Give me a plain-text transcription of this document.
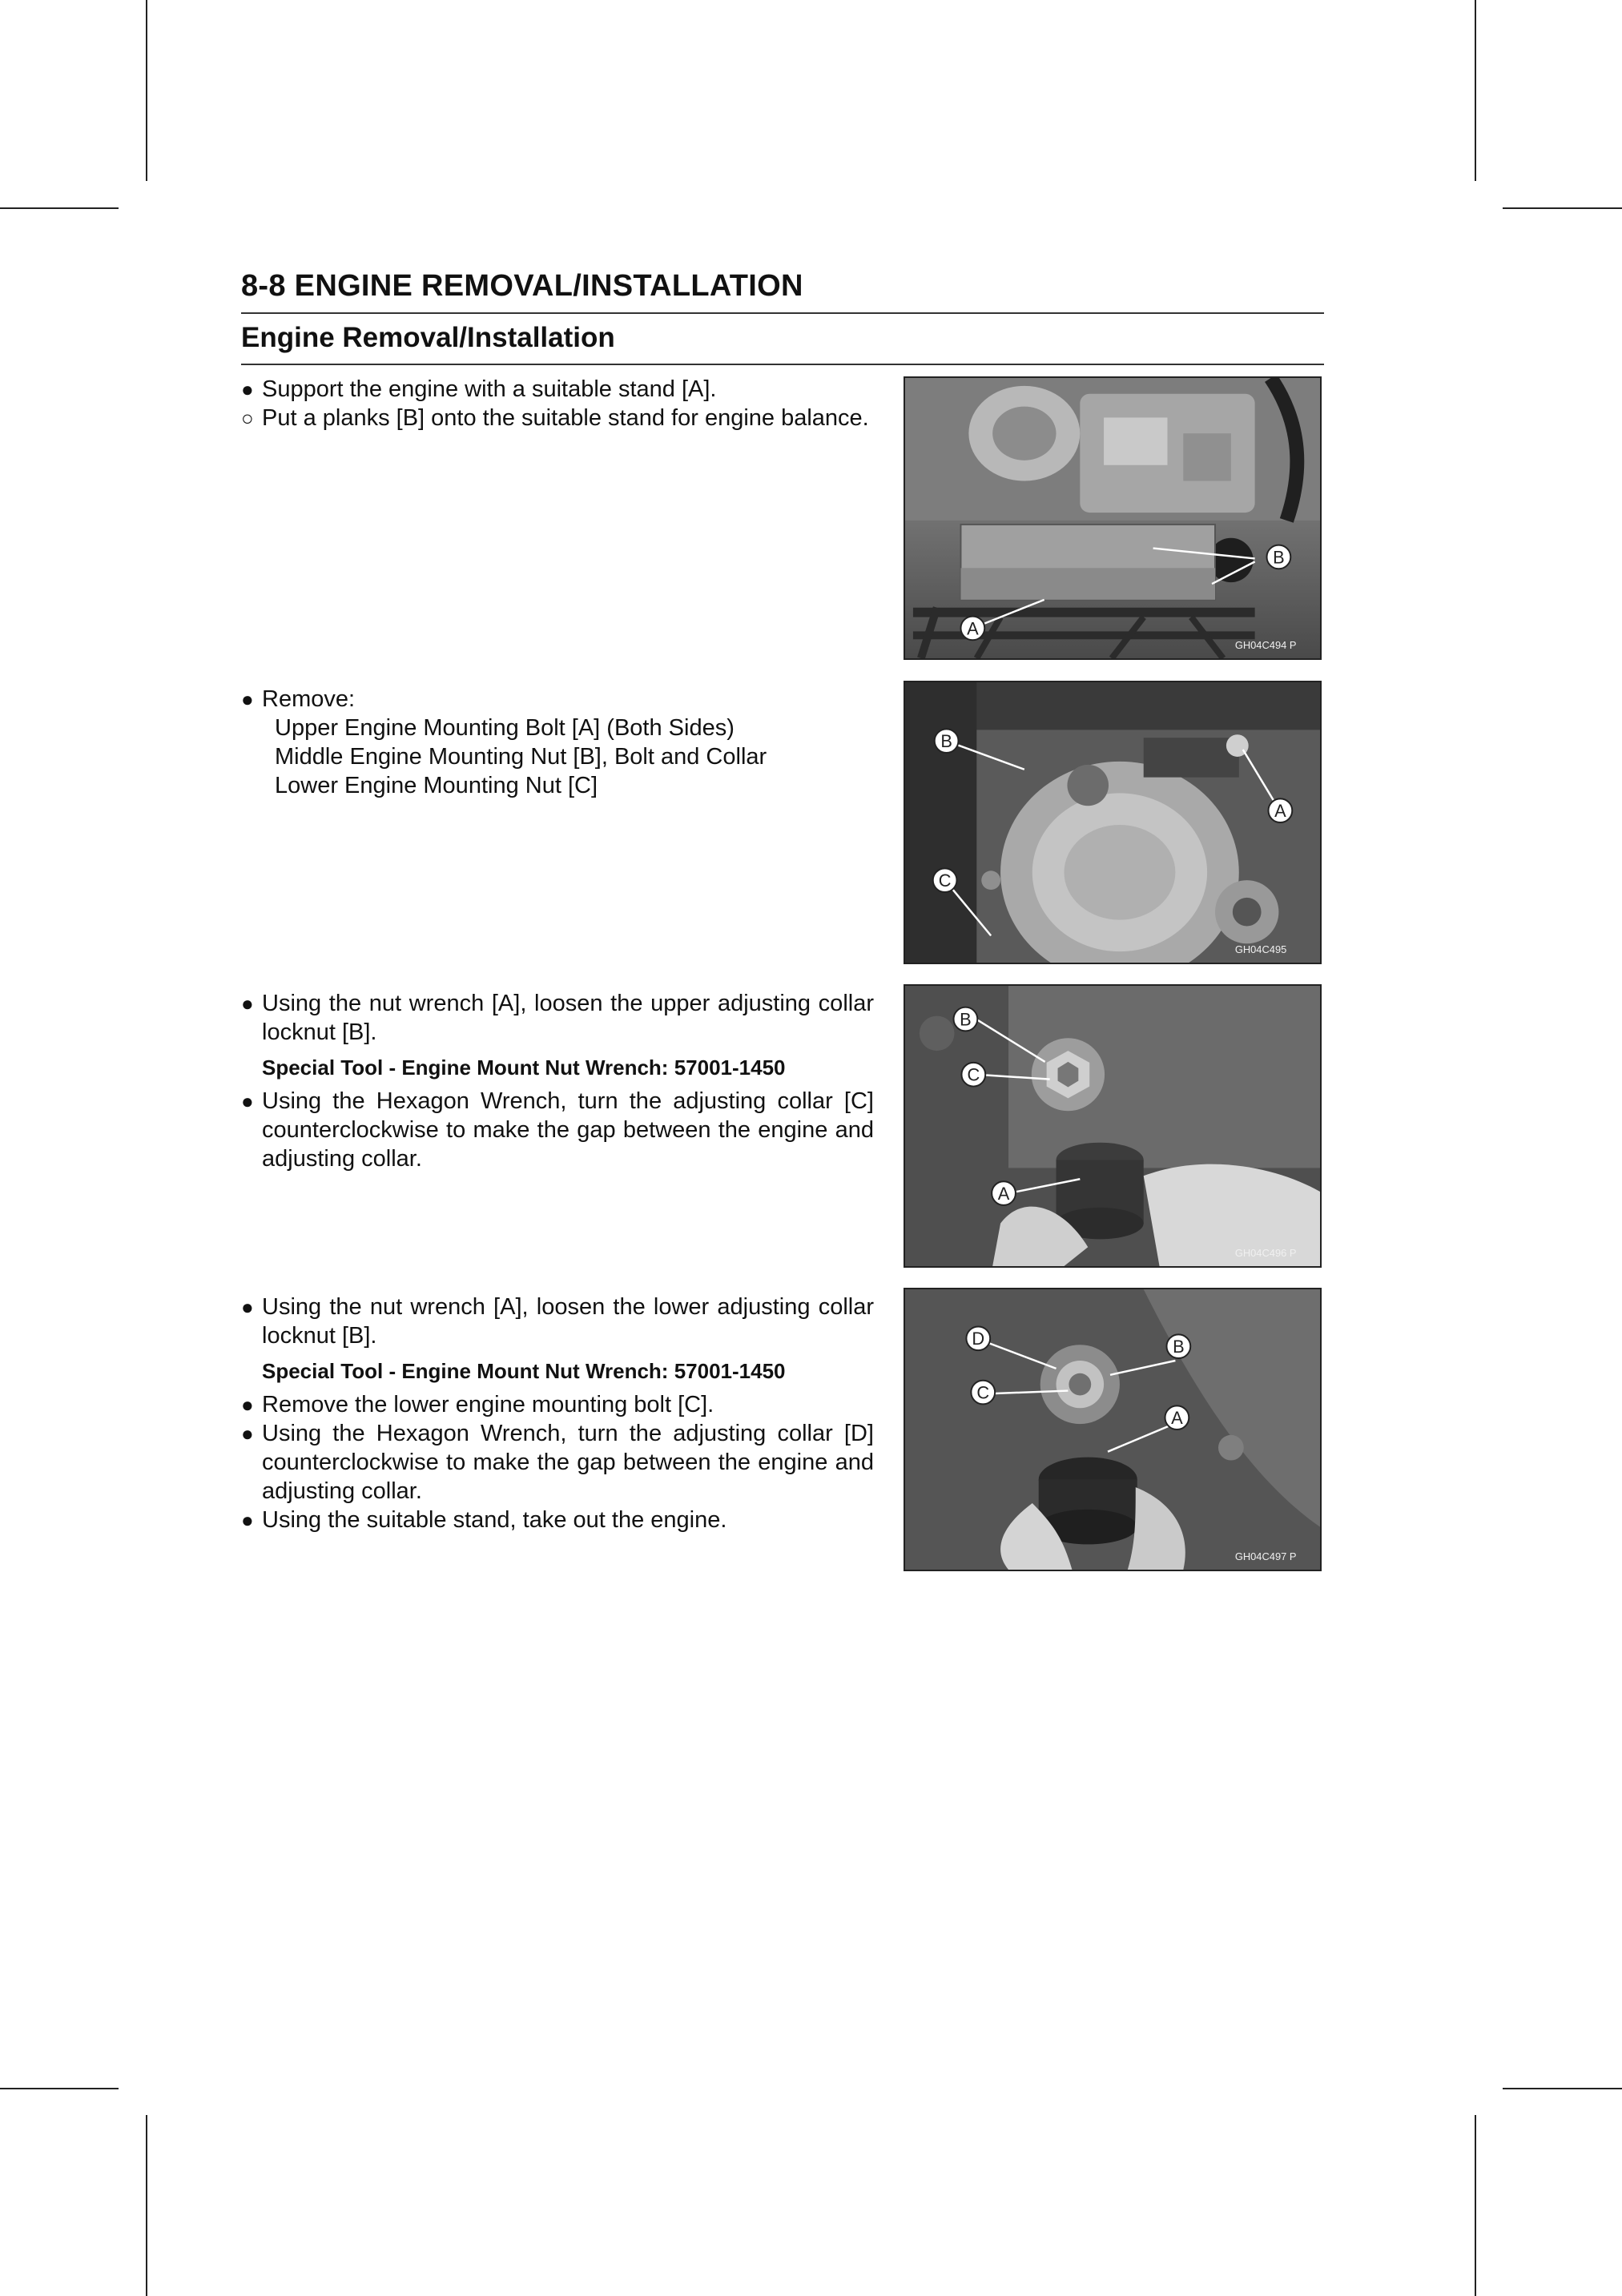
8-8 ENGINE REMOVAL/INSTALLATION
Engine Removal/Installation
● Support the engine with a suitable stand [A].
○ Put a planks [B] onto the suitable stand for engine balance.
● Remove:
Upper Engine Mounting Bolt [A] (Both Sides)
Middle Engine Mounting Nut [B], Bolt and Collar
Lower Engine Mounting Nut [C]
● Using the nut wrench [A], loosen the upper adjusting collar locknut [B].
Special Tool - Engine Mount Nut Wrench: 57001-1450
● Using the Hexagon Wrench, turn the adjusting collar [C] counterclockwise to make the gap between the engine and adjusting collar.
● Using the nut wrench [A], loosen the lower adjusting collar locknut [B].
Special Tool - Engine Mount Nut Wrench: 57001-1450
● Remove the lower engine mounting bolt [C].
● Using the Hexagon Wrench, turn the adjusting collar [D] counterclockwise to make the gap between the engine and adjusting collar.
● Using the suitable stand, take out the engine.
B
A
GH04C494 P
B
A
C
GH04C495
B
C
A
GH04C496 P
D
C
B
A
GH04C497 P
